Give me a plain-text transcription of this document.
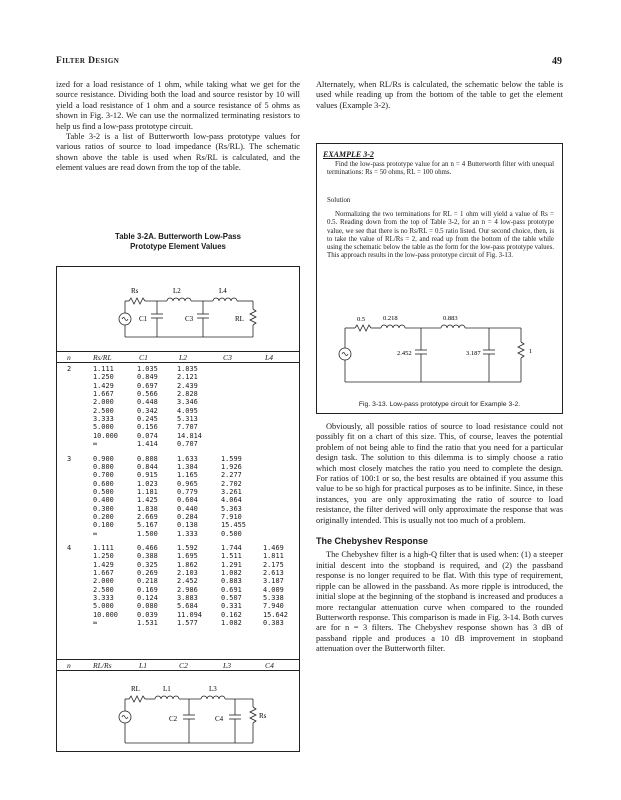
Filter Design	49

ized for a load resistance of 1 ohm, while taking what we get for the source resistance. Dividing both the load and source resistor by 10 will yield a load resistance of 1 ohm and a source resistance of 5 ohms as shown in Fig. 3-12. We can use the normalized terminating resistors to help us find a low-pass prototype circuit.

Table 3-2 is a list of Butterworth low-pass prototype values for various ratios of source to load impedance (Rs/RL). The schematic shown above the table is used when Rs/RL is calculated, and the element values are read down from the top of the table.

Table 3-2A. Butterworth Low-Pass
Prototype Element Values
Rs	L2	L4
C1	C3	RL
n	Rs/RL	C1	L2	C3	L4
2	1.111	1.035	1.835
1.250	0.849	2.121
1.429	0.697	2.439
1.667	0.566	2.828
2.000	0.448	3.346
2.500	0.342	4.095
3.333	0.245	5.313
5.000	0.156	7.707
10.000	0.074	14.814
∞	1.414	0.707
3	0.900	0.808	1.633	1.599
0.800	0.844	1.384	1.926
0.700	0.915	1.165	2.277
0.600	1.023	0.965	2.702
0.500	1.181	0.779	3.261
0.400	1.425	0.604	4.064
0.300	1.838	0.440	5.363
0.200	2.669	0.284	7.910
0.100	5.167	0.138	15.455
∞	1.500	1.333	0.500
4	1.111	0.466	1.592	1.744	1.469
1.250	0.388	1.695	1.511	1.811
1.429	0.325	1.862	1.291	2.175
1.667	0.269	2.103	1.082	2.613
2.000	0.218	2.452	0.883	3.187
2.500	0.169	2.986	0.691	4.009
3.333	0.124	3.883	0.507	5.338
5.000	0.080	5.684	0.331	7.940
10.000	0.039	11.094	0.162	15.642
∞	1.531	1.577	1.082	0.383
n	RL/Rs	L1	C2	L3	C4
RL	L1	L3
C2	C4	Rs

Alternately, when RL/Rs is calculated, the schematic below the table is used while reading up from the bottom of the table to get the element values (Example 3-2).

EXAMPLE 3-2
Find the low-pass prototype value for an n = 4 Butterworth filter with unequal terminations: Rs = 50 ohms, RL = 100 ohms.
Solution
Normalizing the two terminations for RL = 1 ohm will yield a value of Rs = 0.5. Reading down from the top of Table 3-2, for an n = 4 low-pass prototype value, we see that there is no Rs/RL = 0.5 ratio listed. Our second choice, then, is to take the value of RL/Rs = 2, and read up from the bottom of the table while using the schematic below the table as the form for the low-pass prototype values. This approach results in the low-pass prototype circuit of Fig. 3-13.
0.5	0.218	0.883
2.452	3.187	1
Fig. 3-13. Low-pass prototype circuit for Example 3-2.

Obviously, all possible ratios of source to load resistance could not possibly fit on a chart of this size. This, of course, leaves the potential problem of not being able to find the ratio that you need for a particular design task. The solution to this dilemma is to simply choose a ratio which most closely matches the ratio you need to complete the design. For ratios of 100:1 or so, the best results are obtained if you assume this value to be so high for practical purposes as to be infinite. Since, in these instances, you are only approximating the ratio of source to load resistance, the filter derived will only approximate the response that was originally intended. This is usually not too much of a problem.

The Chebyshev Response

The Chebyshev filter is a high-Q filter that is used when: (1) a steeper initial descent into the stopband is required, and (2) the passband response is no longer required to be flat. With this type of requirement, ripple can be allowed in the passband. As more ripple is introduced, the initial slope at the beginning of the stopband is increased and produces a more rectangular attenuation curve when compared to the rounded Butterworth response. This comparison is made in Fig. 3-14. Both curves are for n = 3 filters. The Chebyshev response shown has 3 dB of passband ripple and produces a 10 dB improvement in stopband attenuation over the Butterworth filter.
